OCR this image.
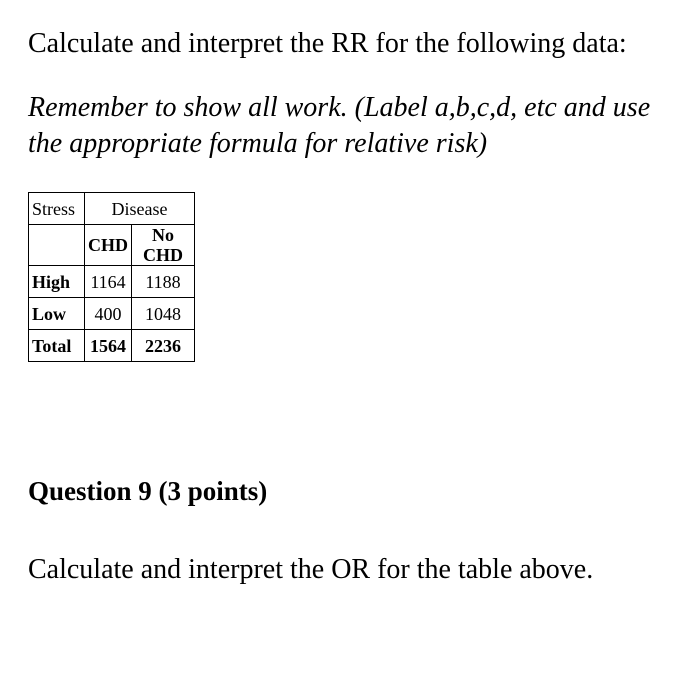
Calculate and interpret the RR for the following data:

Remember to show all work. (Label a,b,c,d, etc and use
the appropriate formula for relative risk)

Stress	Disease	
	CHD	No CHD
High	1164	1188
Low	400	1048
Total	1564	2236

Question 9 (3 points)

Calculate and interpret the OR for the table above.
